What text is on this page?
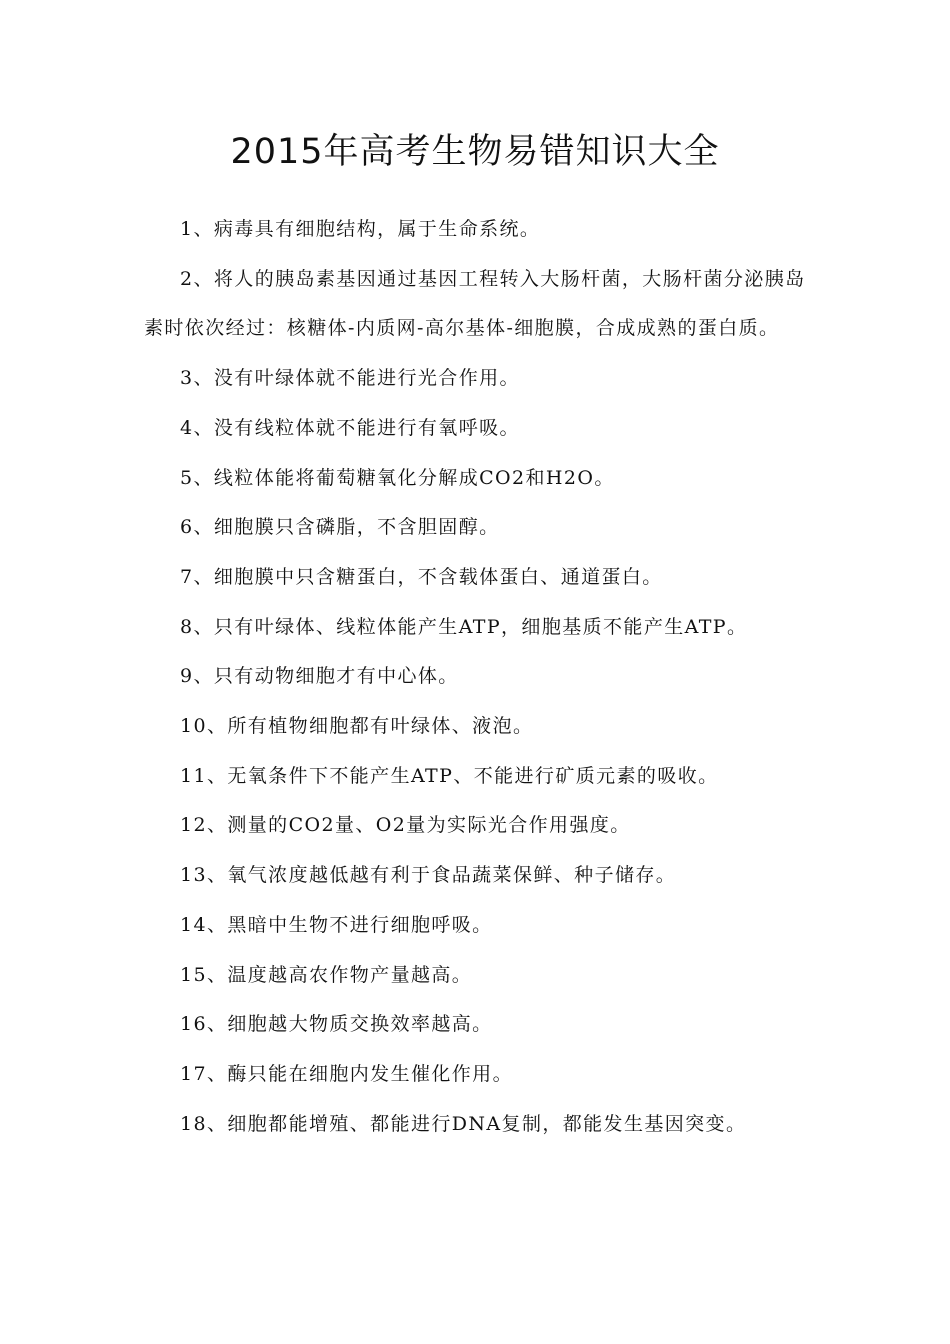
2015年高考生物易错知识大全

1、病毒具有细胞结构，属于生命系统。

2、将人的胰岛素基因通过基因工程转入大肠杆菌，大肠杆菌分泌胰岛素时依次经过：核糖体-内质网-高尔基体-细胞膜，合成成熟的蛋白质。

3、没有叶绿体就不能进行光合作用。

4、没有线粒体就不能进行有氧呼吸。

5、线粒体能将葡萄糖氧化分解成CO2和H2O。

6、细胞膜只含磷脂，不含胆固醇。

7、细胞膜中只含糖蛋白，不含载体蛋白、通道蛋白。

8、只有叶绿体、线粒体能产生ATP，细胞基质不能产生ATP。

9、只有动物细胞才有中心体。

10、所有植物细胞都有叶绿体、液泡。

11、无氧条件下不能产生ATP、不能进行矿质元素的吸收。

12、测量的CO2量、O2量为实际光合作用强度。

13、氧气浓度越低越有利于食品蔬菜保鲜、种子储存。

14、黑暗中生物不进行细胞呼吸。

15、温度越高农作物产量越高。

16、细胞越大物质交换效率越高。

17、酶只能在细胞内发生催化作用。

18、细胞都能增殖、都能进行DNA复制，都能发生基因突变。
